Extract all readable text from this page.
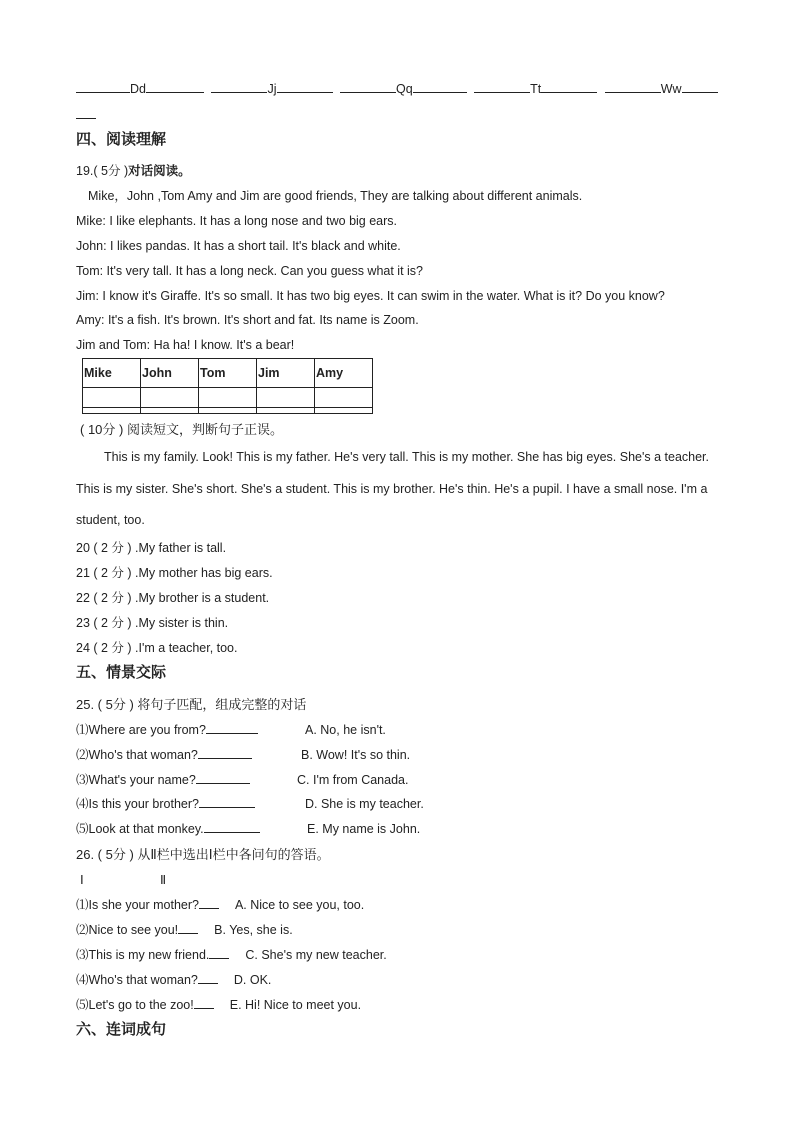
Dd	Jj	Qq	Tt	Ww
四、阅读理解
19.( 5分 )对话阅读。
Mike，John ,Tom Amy and Jim are good friends, They are talking about different animals.
Mike: I like elephants. It has a long nose and two big ears.
John: I likes pandas. It has a short tail. It's black and white.
Tom: It's very tall. It has a long neck. Can you guess what it is?
Jim: I know it's Giraffe. It's so small. It has two big eyes. It can swim in the water. What is it? Do you know?
Amy: It's a fish. It's brown. It's short and fat. Its name is Zoom.
Jim and Tom: Ha ha! I know. It's a bear!
Mike	John	Tom	Jim	Amy

( 10分 ) 阅读短文，判断句子正误。
This is my family. Look! This is my father. He's very tall. This is my mother. She has big eyes. She's a teacher.
This is my sister. She's short. She's a student. This is my brother. He's thin. He's a pupil. I have a small nose. I'm a
student, too.
20 ( 2 分 ) .My father is tall.
21 ( 2 分 ) .My mother has big ears.
22 ( 2 分 ) .My brother is a student.
23 ( 2 分 ) .My sister is thin.
24 ( 2 分 ) .I'm a teacher, too.
五、情景交际
25. ( 5分 ) 将句子匹配，组成完整的对话
⑴Where are you from?	A. No, he isn't.
⑵Who's that woman?	B. Wow! It's so thin.
⑶What's your name?	C. I'm from Canada.
⑷Is this your brother?	D. She is my teacher.
⑸Look at that monkey.	E. My name is John.
26. ( 5分 ) 从Ⅱ栏中选出Ⅰ栏中各问句的答语。
Ⅰ	Ⅱ
⑴Is she your mother?	A. Nice to see you, too.
⑵Nice to see you!	B. Yes, she is.
⑶This is my new friend.	C. She's my new teacher.
⑷Who's that woman?	D. OK.
⑸Let's go to the zoo!	E. Hi! Nice to meet you.
六、连词成句
